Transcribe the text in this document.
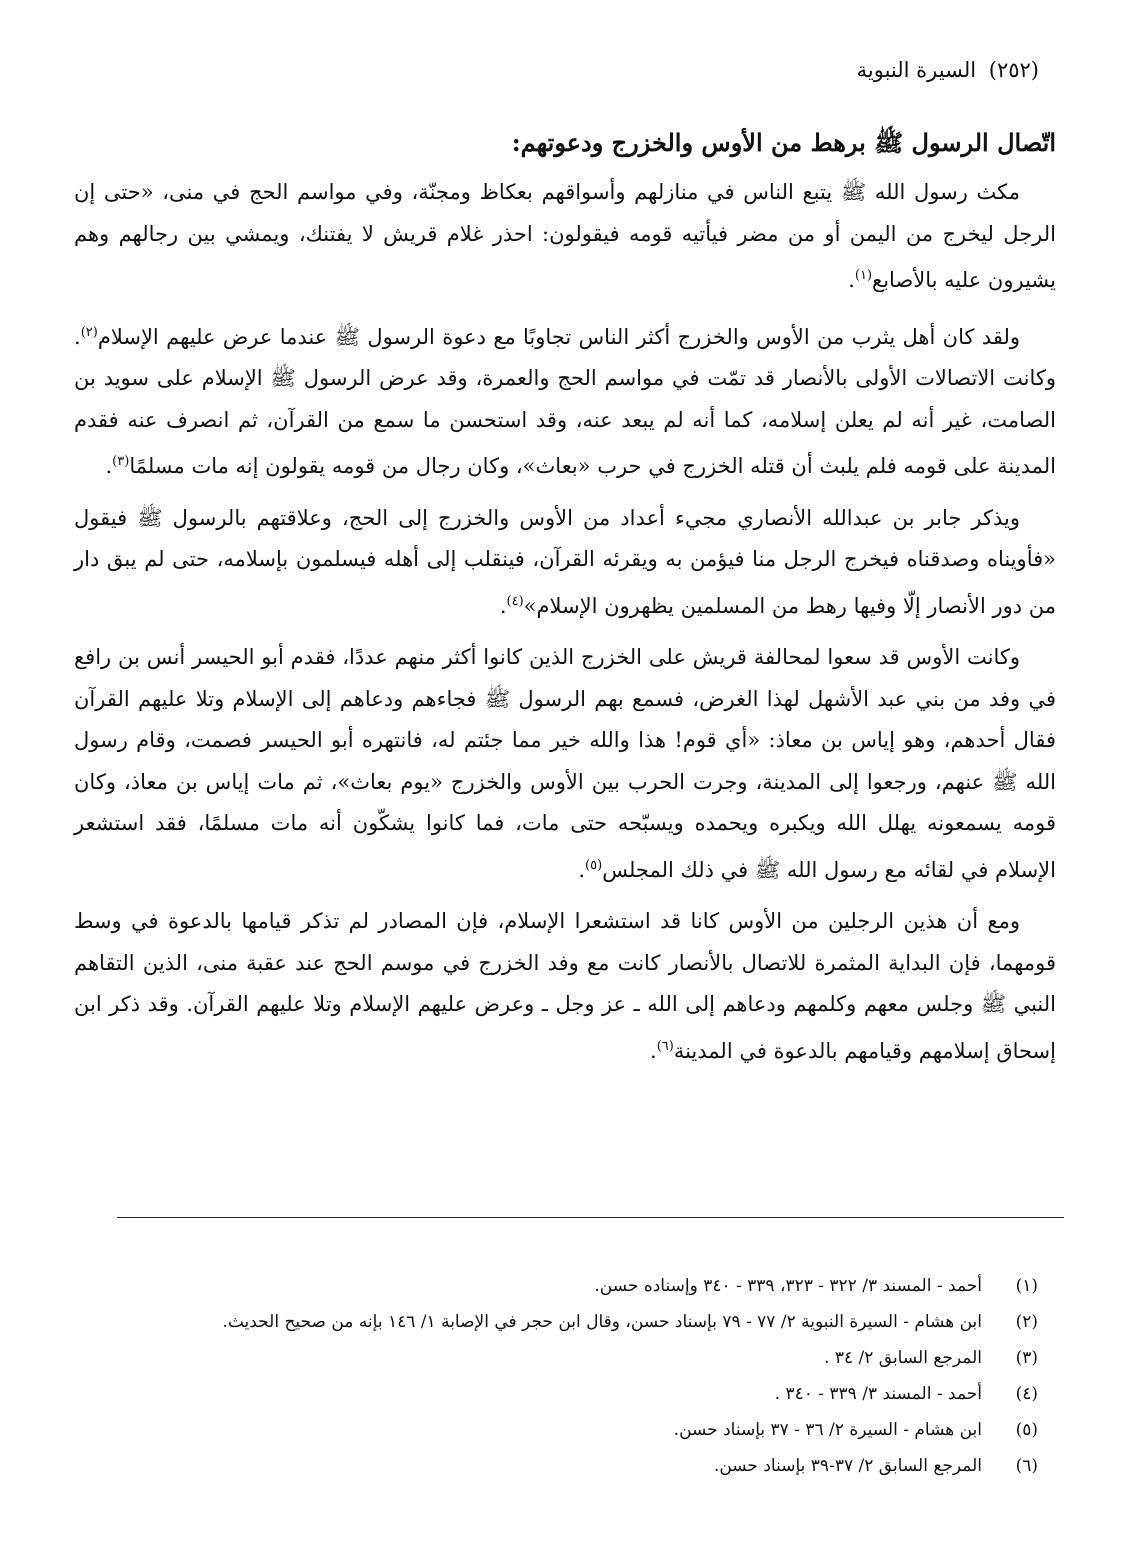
(٢٥٢) السيرة النبوية
اتّصال الرسول ﷺ برهط من الأوس والخزرج ودعوتهم:

مكث رسول الله ﷺ يتبع الناس في منازلهم وأسواقهم بعكاظ ومجنّة، وفي مواسم الحج في منى، «حتى إن الرجل ليخرج من اليمن أو من مضر فيأتيه قومه فيقولون: احذر غلام قريش لا يفتنك، ويمشي بين رجالهم وهم يشيرون عليه بالأصابع$^{(١)}$.

ولقد كان أهل يثرب من الأوس والخزرج أكثر الناس تجاوبًا مع دعوة الرسول ﷺ عندما عرض عليهم الإسلام$^{(٢)}$. وكانت الاتصالات الأولى بالأنصار قد تمّت في مواسم الحج والعمرة، وقد عرض الرسول ﷺ الإسلام على سويد بن الصامت، غير أنه لم يعلن إسلامه، كما أنه لم يبعد عنه، وقد استحسن ما سمع من القرآن، ثم انصرف عنه فقدم المدينة على قومه فلم يلبث أن قتله الخزرج في حرب «بعاث»، وكان رجال من قومه يقولون إنه مات مسلمًا$^{(٣)}$.

ويذكر جابر بن عبدالله الأنصاري مجيء أعداد من الأوس والخزرج إلى الحج، وعلاقتهم بالرسول ﷺ فيقول «فأويناه وصدقناه فيخرج الرجل منا فيؤمن به ويقرئه القرآن، فينقلب إلى أهله فيسلمون بإسلامه، حتى لم يبق دار من دور الأنصار إلّا وفيها رهط من المسلمين يظهرون الإسلام»$^{(٤)}$.

وكانت الأوس قد سعوا لمحالفة قريش على الخزرج الذين كانوا أكثر منهم عددًا، فقدم أبو الحيسر أنس بن رافع في وفد من بني عبد الأشهل لهذا الغرض، فسمع بهم الرسول ﷺ فجاءهم ودعاهم إلى الإسلام وتلا عليهم القرآن فقال أحدهم، وهو إياس بن معاذ: «أي قوم! هذا والله خير مما جئتم له، فانتهره أبو الحيسر فصمت، وقام رسول الله ﷺ عنهم، ورجعوا إلى المدينة، وجرت الحرب بين الأوس والخزرج «يوم بعاث»، ثم مات إياس بن معاذ، وكان قومه يسمعونه يهلل الله ويكبره ويحمده ويسبّحه حتى مات، فما كانوا يشكّون أنه مات مسلمًا، فقد استشعر الإسلام في لقائه مع رسول الله ﷺ في ذلك المجلس$^{(٥)}$.

ومع أن هذين الرجلين من الأوس كانا قد استشعرا الإسلام، فإن المصادر لم تذكر قيامها بالدعوة في وسط قومهما، فإن البداية المثمرة للاتصال بالأنصار كانت مع وفد الخزرج في موسم الحج عند عقبة منى، الذين التقاهم النبي ﷺ وجلس معهم وكلمهم ودعاهم إلى الله ـ عز وجل ـ وعرض عليهم الإسلام وتلا عليهم القرآن. وقد ذكر ابن إسحاق إسلامهم وقيامهم بالدعوة في المدينة$^{(٦)}$.

(١)
أحمد - المسند ٣/ ٣٢٢ - ٣٢٣، ٣٣٩ - ٣٤٠ وإسناده حسن.
(٢)
ابن هشام - السيرة النبوية ٢/ ٧٧ - ٧٩ بإسناد حسن، وقال ابن حجر في الإصابة ١/ ١٤٦ بإنه من صحيح الحديث.
(٣)
المرجع السابق ٢/ ٣٤ .
(٤)
أحمد - المسند ٣/ ٣٣٩ - ٣٤٠ .
(٥)
ابن هشام - السيرة ٢/ ٣٦ - ٣٧ بإسناد حسن.
(٦)
المرجع السابق ٢/ ٣٧-٣٩ بإسناد حسن.
